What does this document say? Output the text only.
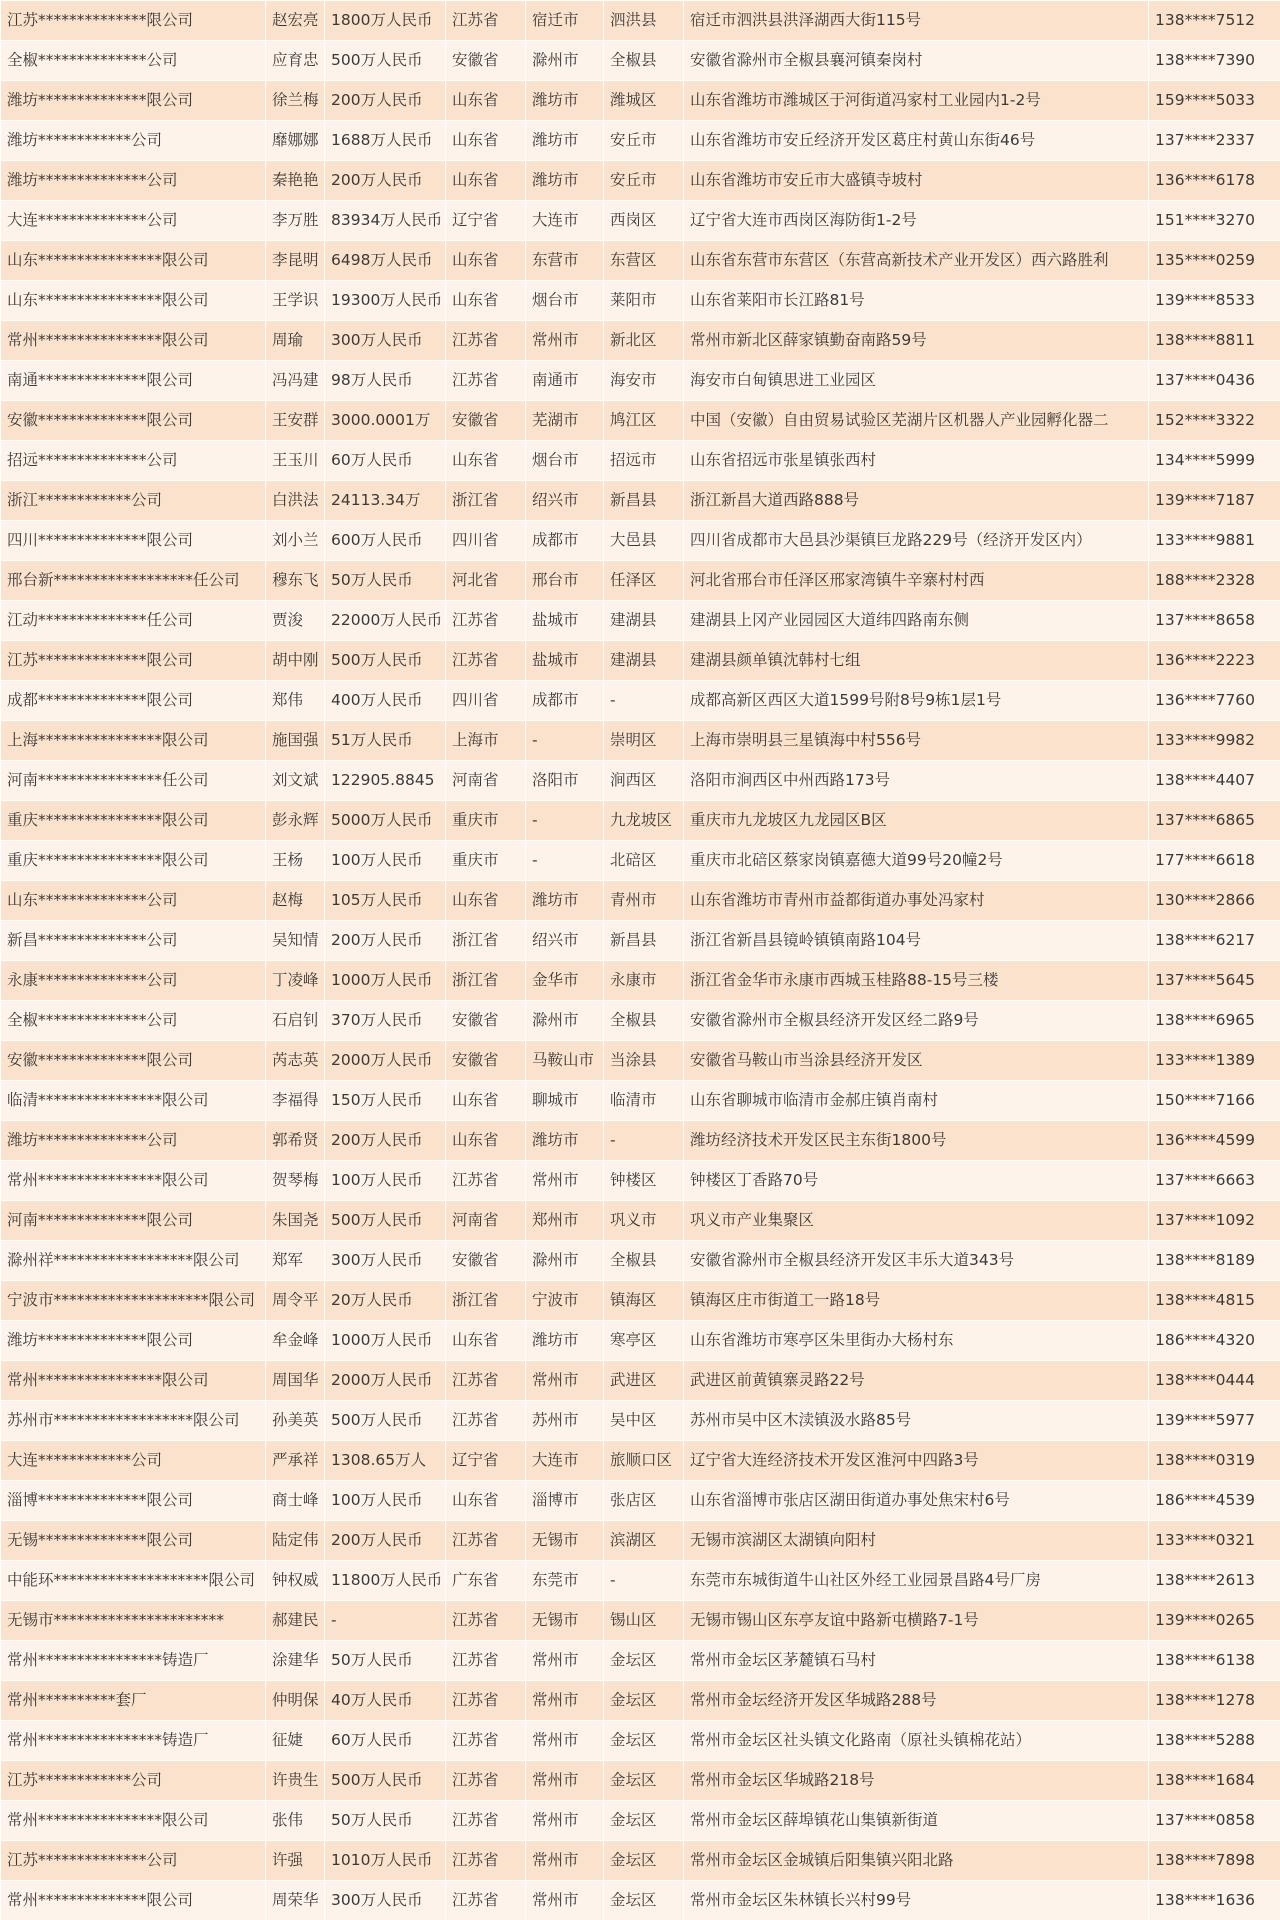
江苏**************限公司	赵宏亮	1800万人民币	江苏省	宿迁市	泗洪县	宿迁市泗洪县洪泽湖西大街115号	138****7512
全椒**************公司	应育忠	500万人民币	安徽省	滁州市	全椒县	安徽省滁州市全椒县襄河镇秦岗村	138****7390
潍坊**************限公司	徐兰梅	200万人民币	山东省	潍坊市	潍城区	山东省潍坊市潍城区于河街道冯家村工业园内1-2号	159****5033
潍坊************公司	靡娜娜	1688万人民币	山东省	潍坊市	安丘市	山东省潍坊市安丘经济开发区葛庄村黄山东街46号	137****2337
潍坊**************公司	秦艳艳	200万人民币	山东省	潍坊市	安丘市	山东省潍坊市安丘市大盛镇寺坡村	136****6178
大连**************公司	李万胜	83934万人民币	辽宁省	大连市	西岗区	辽宁省大连市西岗区海防街1-2号	151****3270
山东****************限公司	李昆明	6498万人民币	山东省	东营市	东营区	山东省东营市东营区（东营高新技术产业开发区）西六路胜利	135****0259
山东****************限公司	王学识	19300万人民币	山东省	烟台市	莱阳市	山东省莱阳市长江路81号	139****8533
常州****************限公司	周瑜	300万人民币	江苏省	常州市	新北区	常州市新北区薛家镇勤奋南路59号	138****8811
南通**************限公司	冯冯建	98万人民币	江苏省	南通市	海安市	海安市白甸镇思进工业园区	137****0436
安徽**************限公司	王安群	3000.0001万	安徽省	芜湖市	鸠江区	中国（安徽）自由贸易试验区芜湖片区机器人产业园孵化器二	152****3322
招远**************公司	王玉川	60万人民币	山东省	烟台市	招远市	山东省招远市张星镇张西村	134****5999
浙江************公司	白洪法	24113.34万	浙江省	绍兴市	新昌县	浙江新昌大道西路888号	139****7187
四川**************限公司	刘小兰	600万人民币	四川省	成都市	大邑县	四川省成都市大邑县沙渠镇巨龙路229号（经济开发区内）	133****9881
邢台新******************任公司	穆东飞	50万人民币	河北省	邢台市	任泽区	河北省邢台市任泽区邢家湾镇牛辛寨村村西	188****2328
江动**************任公司	贾浚	22000万人民币	江苏省	盐城市	建湖县	建湖县上冈产业园园区大道纬四路南东侧	137****8658
江苏**************限公司	胡中刚	500万人民币	江苏省	盐城市	建湖县	建湖县颜单镇沈韩村七组	136****2223
成都**************限公司	郑伟	400万人民币	四川省	成都市	-	成都高新区西区大道1599号附8号9栋1层1号	136****7760
上海****************限公司	施国强	51万人民币	上海市	-	崇明区	上海市崇明县三星镇海中村556号	133****9982
河南****************任公司	刘文斌	122905.8845	河南省	洛阳市	涧西区	洛阳市涧西区中州西路173号	138****4407
重庆****************限公司	彭永辉	5000万人民币	重庆市	-	九龙坡区	重庆市九龙坡区九龙园区B区	137****6865
重庆****************限公司	王杨	100万人民币	重庆市	-	北碚区	重庆市北碚区蔡家岗镇嘉德大道99号20幢2号	177****6618
山东**************公司	赵梅	105万人民币	山东省	潍坊市	青州市	山东省潍坊市青州市益都街道办事处冯家村	130****2866
新昌**************公司	吴知情	200万人民币	浙江省	绍兴市	新昌县	浙江省新昌县镜岭镇镇南路104号	138****6217
永康**************公司	丁凌峰	1000万人民币	浙江省	金华市	永康市	浙江省金华市永康市西城玉桂路88-15号三楼	137****5645
全椒**************公司	石启钊	370万人民币	安徽省	滁州市	全椒县	安徽省滁州市全椒县经济开发区经二路9号	138****6965
安徽**************限公司	芮志英	2000万人民币	安徽省	马鞍山市	当涂县	安徽省马鞍山市当涂县经济开发区	133****1389
临清****************限公司	李福得	150万人民币	山东省	聊城市	临清市	山东省聊城市临清市金郝庄镇肖南村	150****7166
潍坊**************公司	郭希贤	200万人民币	山东省	潍坊市	-	潍坊经济技术开发区民主东街1800号	136****4599
常州****************限公司	贺琴梅	100万人民币	江苏省	常州市	钟楼区	钟楼区丁香路70号	137****6663
河南**************限公司	朱国尧	500万人民币	河南省	郑州市	巩义市	巩义市产业集聚区	137****1092
滁州祥******************限公司	郑军	300万人民币	安徽省	滁州市	全椒县	安徽省滁州市全椒县经济开发区丰乐大道343号	138****8189
宁波市********************限公司	周令平	20万人民币	浙江省	宁波市	镇海区	镇海区庄市街道工一路18号	138****4815
潍坊**************限公司	牟金峰	1000万人民币	山东省	潍坊市	寒亭区	山东省潍坊市寒亭区朱里街办大杨村东	186****4320
常州****************限公司	周国华	2000万人民币	江苏省	常州市	武进区	武进区前黄镇寨灵路22号	138****0444
苏州市******************限公司	孙美英	500万人民币	江苏省	苏州市	吴中区	苏州市吴中区木渎镇汲水路85号	139****5977
大连************公司	严承祥	1308.65万人	辽宁省	大连市	旅顺口区	辽宁省大连经济技术开发区淮河中四路3号	138****0319
淄博**************限公司	商士峰	100万人民币	山东省	淄博市	张店区	山东省淄博市张店区湖田街道办事处焦宋村6号	186****4539
无锡**************限公司	陆定伟	200万人民币	江苏省	无锡市	滨湖区	无锡市滨湖区太湖镇向阳村	133****0321
中能环********************限公司	钟权威	11800万人民币	广东省	东莞市	-	东莞市东城街道牛山社区外经工业园景昌路4号厂房	138****2613
无锡市**********************	郝建民	-	江苏省	无锡市	锡山区	无锡市锡山区东亭友谊中路新屯横路7-1号	139****0265
常州****************铸造厂	涂建华	50万人民币	江苏省	常州市	金坛区	常州市金坛区茅麓镇石马村	138****6138
常州**********套厂	仲明保	40万人民币	江苏省	常州市	金坛区	常州市金坛经济开发区华城路288号	138****1278
常州****************铸造厂	征婕	60万人民币	江苏省	常州市	金坛区	常州市金坛区社头镇文化路南（原社头镇棉花站）	138****5288
江苏************公司	许贵生	500万人民币	江苏省	常州市	金坛区	常州市金坛区华城路218号	138****1684
常州****************限公司	张伟	50万人民币	江苏省	常州市	金坛区	常州市金坛区薛埠镇花山集镇新街道	137****0858
江苏**************公司	许强	1010万人民币	江苏省	常州市	金坛区	常州市金坛区金城镇后阳集镇兴阳北路	138****7898
常州**************限公司	周荣华	300万人民币	江苏省	常州市	金坛区	常州市金坛区朱林镇长兴村99号	138****1636
